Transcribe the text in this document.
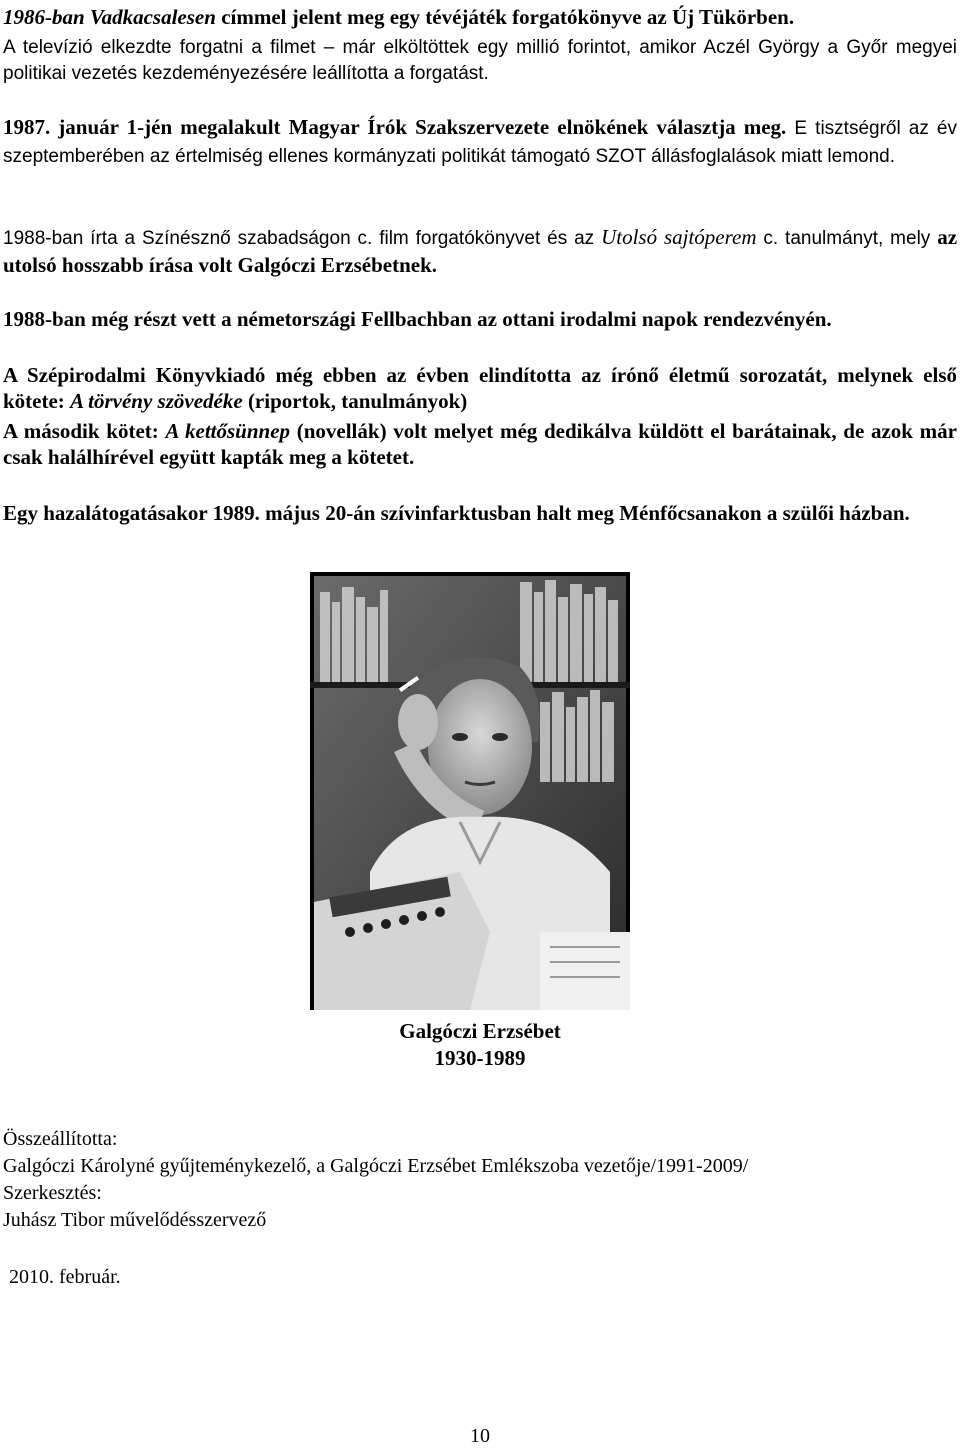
1986-ban Vadkacsalesen címmel jelent meg egy tévéjáték forgatókönyve az Új Tükörben.
A televízió elkezdte forgatni a filmet – már elköltöttek egy millió forintot, amikor Aczél György a Győr megyei politikai vezetés kezdeményezésére leállította a forgatást.
1987. január 1-jén megalakult Magyar Írók Szakszervezete elnökének választja meg. E tisztségről az év szeptemberében az értelmiség ellenes kormányzati politikát támogató SZOT állásfoglalások miatt lemond.
1988-ban írta a Színésznő szabadságon c. film forgatókönyvet és az Utolsó sajtóperem c. tanulmányt, mely az utolsó hosszabb írása volt Galgóczi Erzsébetnek.
1988-ban még részt vett a németországi Fellbachban az ottani irodalmi napok rendezvényén.
A Szépirodalmi Könyvkiadó még ebben az évben elindította az írónő életmű sorozatát, melynek első kötete: A törvény szövedéke (riportok, tanulmányok)
A második kötet: A kettősünnep (novellák) volt melyet még dedikálva küldött el barátainak, de azok már csak halálhírével együtt kapták meg a kötetet.
Egy hazalátogatásakor 1989. május 20-án szívinfarktusban halt meg Ménfőcsanakon a szülői házban.
Galgóczi Erzsébet
1930-1989
Összeállította:
Galgóczi Károlyné gyűjteménykezelő, a Galgóczi Erzsébet Emlékszoba vezetője/1991-2009/
Szerkesztés:
Juhász Tibor művelődésszervező
2010. február.
10
